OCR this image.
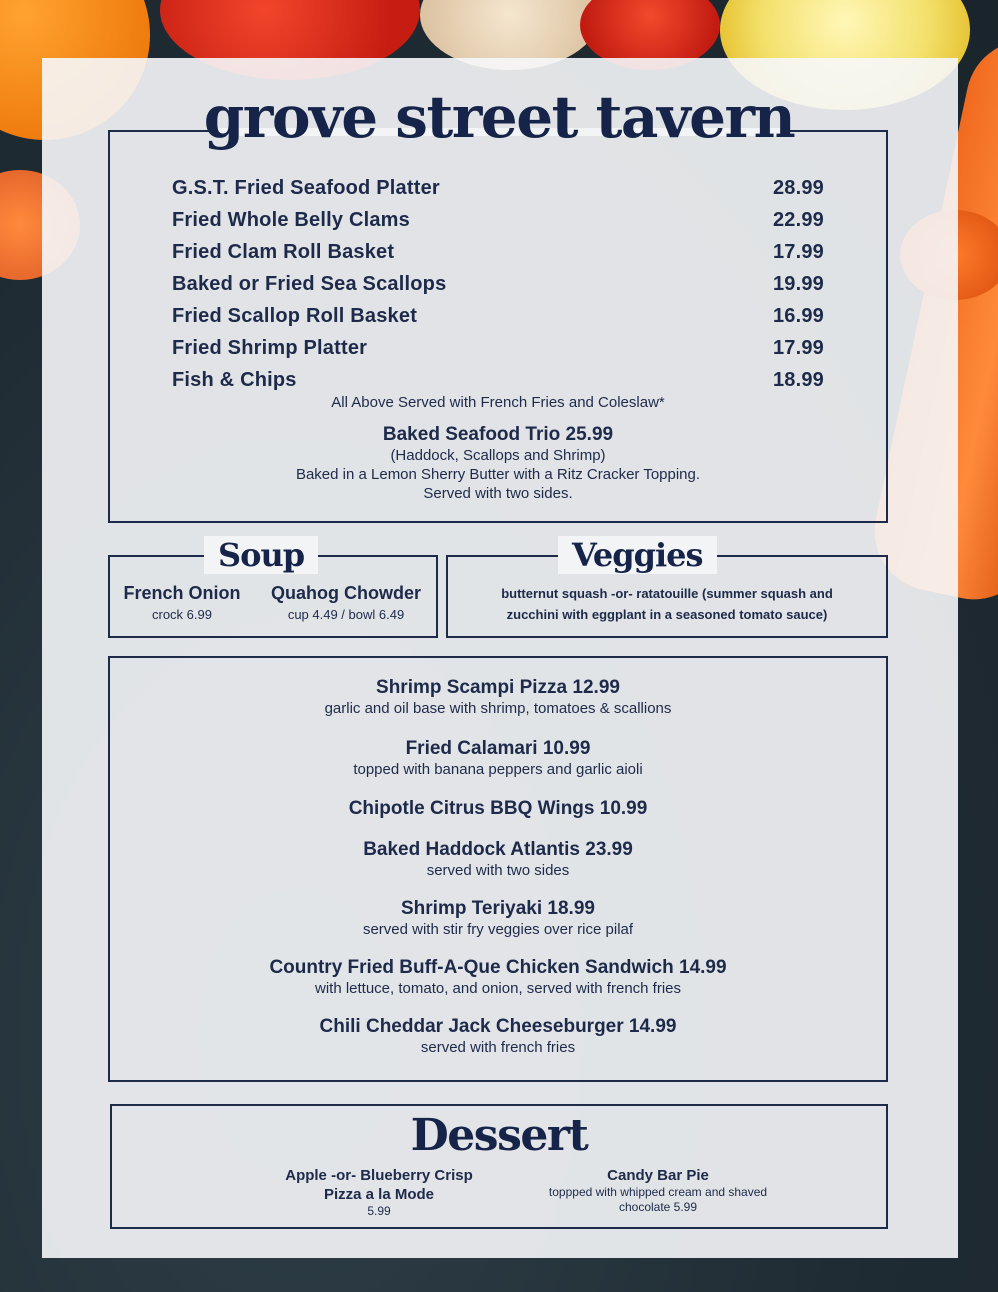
G.S.T. Fried Seafood Platter	28.99
Fried Whole Belly Clams	22.99
Fried Clam Roll Basket	17.99
Baked or Fried Sea Scallops	19.99
Fried Scallop Roll Basket	16.99
Fried Shrimp Platter	17.99
Fish & Chips	18.99
All Above Served with French Fries and Coleslaw*
Baked Seafood Trio 25.99
(Haddock, Scallops and Shrimp)
Baked in a Lemon Sherry Butter with a Ritz Cracker Topping.
Served with two sides.
grove street tavern
Soup
French Onion
crock 6.99
Quahog Chowder
cup 4.49 / bowl 6.49
Veggies
butternut squash -or- ratatouille (summer squash and
zucchini with eggplant in a seasoned tomato sauce)
Shrimp Scampi Pizza 12.99
garlic and oil base with shrimp, tomatoes & scallions
Fried Calamari 10.99
topped with banana peppers and garlic aioli
Chipotle Citrus BBQ Wings 10.99
Baked Haddock Atlantis 23.99
served with two sides
Shrimp Teriyaki 18.99
served with stir fry veggies over rice pilaf
Country Fried Buff-A-Que Chicken Sandwich 14.99
with lettuce, tomato, and onion, served with french fries
Chili Cheddar Jack Cheeseburger 14.99
served with french fries
Dessert
Apple -or- Blueberry Crisp
Pizza a la Mode
5.99
Candy Bar Pie
toppped with whipped cream and shaved
chocolate 5.99
